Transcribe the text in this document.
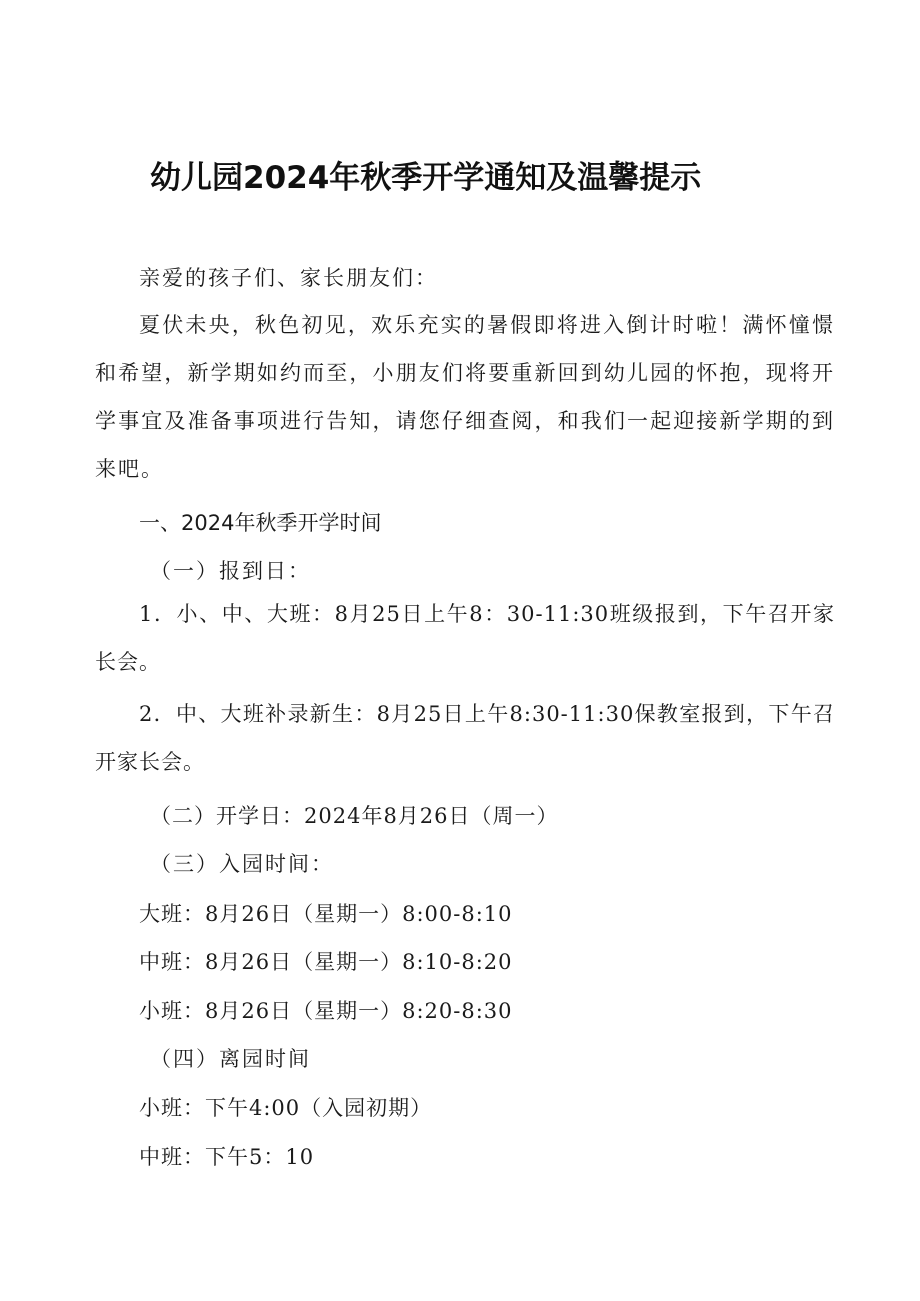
幼儿园2024年秋季开学通知及温馨提示
亲爱的孩子们、家长朋友们：
夏伏未央，秋色初见，欢乐充实的暑假即将进入倒计时啦！满怀憧憬和希望，新学期如约而至，小朋友们将要重新回到幼儿园的怀抱，现将开学事宜及准备事项进行告知，请您仔细查阅，和我们一起迎接新学期的到来吧。
一、2024年秋季开学时间
（一）报到日：
1．小、中、大班：8月25日上午8：30-11:30班级报到，下午召开家长会。
2．中、大班补录新生：8月25日上午8:30-11:30保教室报到，下午召开家长会。
（二）开学日：2024年8月26日（周一）
（三）入园时间：
大班：8月26日（星期一）8:00-8:10
中班：8月26日（星期一）8:10-8:20
小班：8月26日（星期一）8:20-8:30
（四）离园时间
小班：下午4:00（入园初期）
中班：下午5：10
